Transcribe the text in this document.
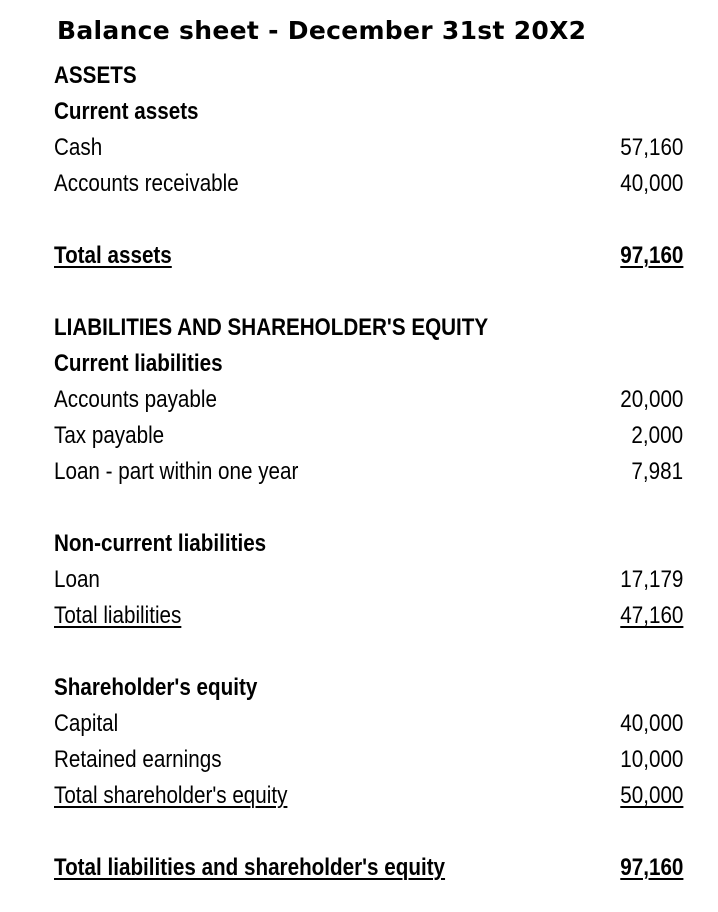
Balance sheet - December 31st 20X2
ASSETS
Current assets
Cash	57,160
Accounts receivable	40,000
Total assets	97,160
LIABILITIES AND SHAREHOLDER'S EQUITY
Current liabilities
Accounts payable	20,000
Tax payable	2,000
Loan - part within one year	7,981
Non-current liabilities
Loan	17,179
Total liabilities	47,160
Shareholder's equity
Capital	40,000
Retained earnings	10,000
Total shareholder's equity	50,000
Total liabilities and shareholder's equity	97,160
